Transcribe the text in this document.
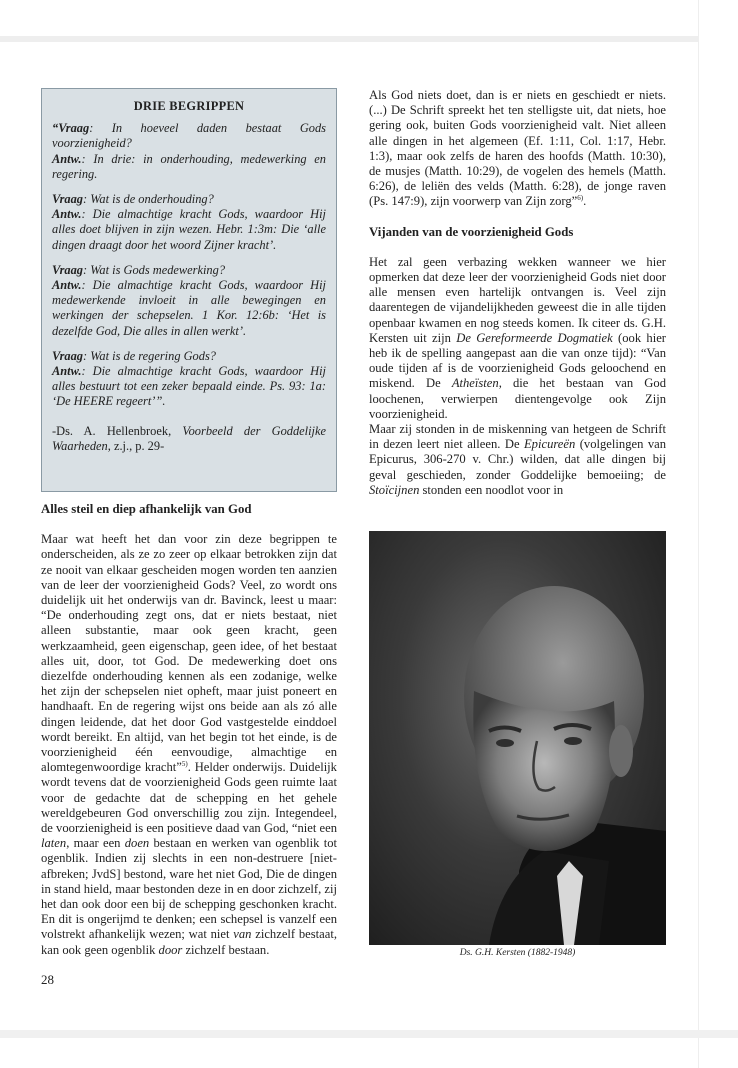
DRIE BEGRIPPEN

“Vraag: In hoeveel daden bestaat Gods voorzienigheid?
Antw.: In drie: in onderhouding, medewerking en regering.

Vraag: Wat is de onderhouding?
Antw.: Die almachtige kracht Gods, waardoor Hij alles doet blijven in zijn wezen. Hebr. 1:3m: Die ‘alle dingen draagt door het woord Zijner kracht’.

Vraag: Wat is Gods medewerking?
Antw.: Die almachtige kracht Gods, waardoor Hij medewerkende invloeit in alle bewegingen en werkingen der schepselen. 1 Kor. 12:6b: ‘Het is dezelfde God, Die alles in allen werkt’.

Vraag: Wat is de regering Gods?
Antw.: Die almachtige kracht Gods, waardoor Hij alles bestuurt tot een zeker bepaald einde. Ps. 93: 1a: ‘De HEERE regeert’”.

-Ds. A. Hellenbroek, Voorbeeld der Goddelijke Waarheden, z.j., p. 29-

Alles steil en diep afhankelijk van God

Maar wat heeft het dan voor zin deze begrippen te onderscheiden, als ze zo zeer op elkaar betrokken zijn dat ze nooit van elkaar gescheiden mogen worden ten aanzien van de leer der voorzienigheid Gods? Veel, zo wordt ons duidelijk uit het onderwijs van dr. Bavinck, leest u maar: “De onderhouding zegt ons, dat er niets bestaat, niet alleen substantie, maar ook geen kracht, geen werkzaamheid, geen eigenschap, geen idee, of het bestaat alles uit, door, tot God. De medewerking doet ons diezelfde onderhouding kennen als een zodanige, welke het zijn der schepselen niet opheft, maar juist poneert en handhaaft. En de regering wijst ons beide aan als zó alle dingen leidende, dat het door God vastgestelde einddoel wordt bereikt. En altijd, van het begin tot het einde, is de voorzienigheid één eenvoudige, almachtige en alomtegenwoordige kracht”$^{5)}$. Helder onderwijs. Duidelijk wordt tevens dat de voorzienigheid Gods geen ruimte laat voor de gedachte dat de schepping en het gehele wereldgebeuren God onverschillig zou zijn. Integendeel, de voorzienigheid is een positieve daad van God, “niet een laten, maar een doen bestaan en werken van ogenblik tot ogenblik. Indien zij slechts in een non-destruere [niet-afbreken; JvdS] bestond, ware het niet God, Die de dingen in stand hield, maar bestonden deze in en door zichzelf, zij het dan ook door een bij de schepping geschonken kracht. En dit is ongerijmd te denken; een schepsel is vanzelf een volstrekt afhankelijk wezen; wat niet van zichzelf bestaat, kan ook geen ogenblik door zichzelf bestaan.

Als God niets doet, dan is er niets en geschiedt er niets. (...) De Schrift spreekt het ten stelligste uit, dat niets, hoe gering ook, buiten Gods voorzienigheid valt. Niet alleen alle dingen in het algemeen (Ef. 1:11, Col. 1:17, Hebr. 1:3), maar ook zelfs de haren des hoofds (Matth. 10:30), de musjes (Matth. 10:29), de vogelen des hemels (Matth. 6:26), de leliën des velds (Matth. 6:28), de jonge raven (Ps. 147:9), zijn voorwerp van Zijn zorg”$^{6)}$.

Vijanden van de voorzienigheid Gods

Het zal geen verbazing wekken wanneer we hier opmerken dat deze leer der voorzienigheid Gods niet door alle mensen even hartelijk ontvangen is. Veel zijn daarentegen de vijandelijkheden geweest die in alle tijden openbaar kwamen en nog steeds komen. Ik citeer ds. G.H. Kersten uit zijn De Gereformeerde Dogmatiek (ook hier heb ik de spelling aangepast aan die van onze tijd): “Van oude tijden af is de voorzienigheid Gods geloochend en miskend. De Atheïsten, die het bestaan van God loochenen, verwierpen dientengevolge ook Zijn voorzienigheid.

Maar zij stonden in de miskenning van hetgeen de Schrift in dezen leert niet alleen. De Epicureën (volgelingen van Epicurus, 306-270 v. Chr.) wilden, dat alle dingen bij geval geschieden, zonder Goddelijke bemoeiing; de Stoïcijnen stonden een noodlot voor in

Ds. G.H. Kersten (1882-1948)
28
